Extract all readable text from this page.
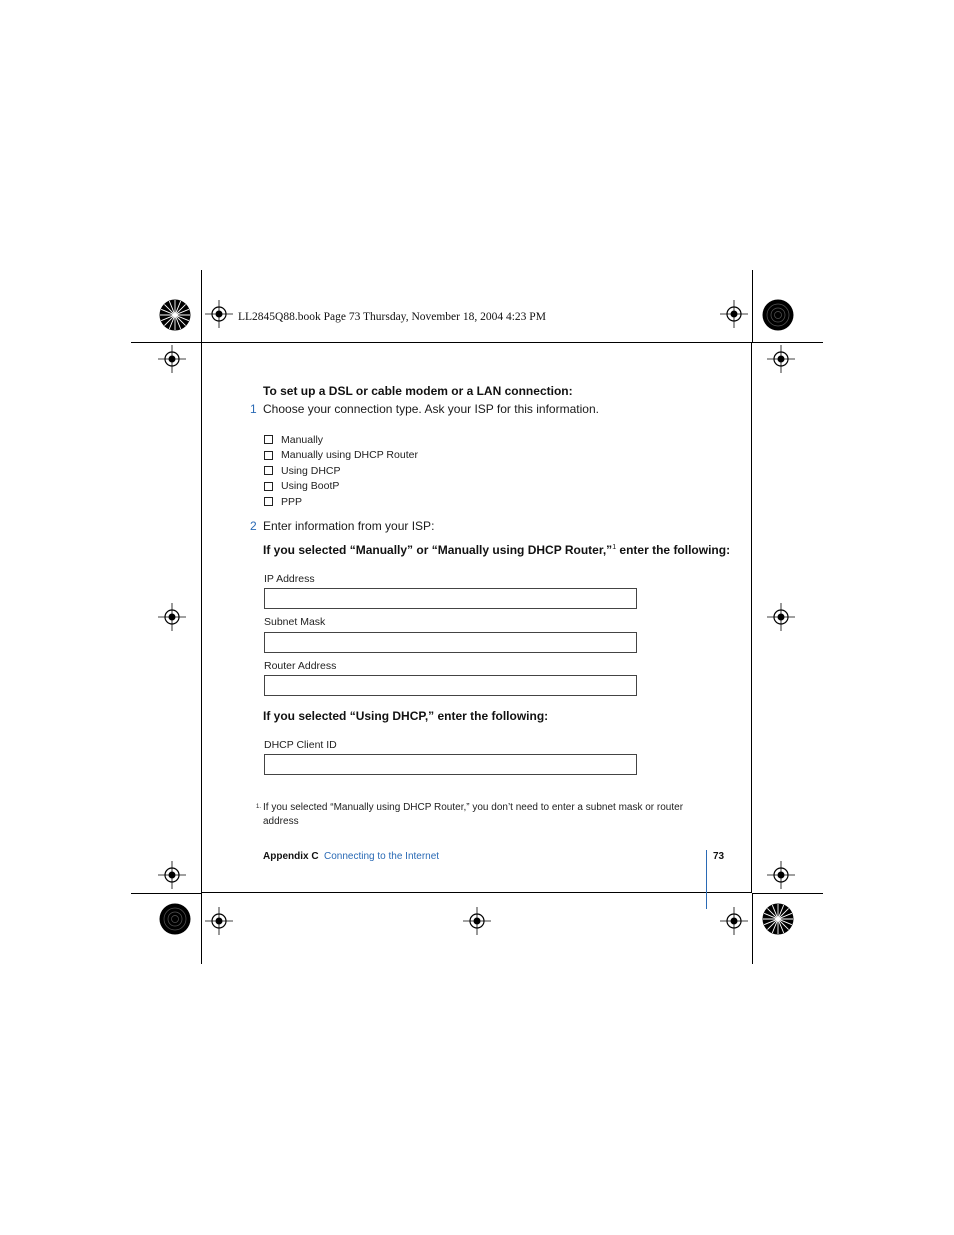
LL2845Q88.book Page 73 Thursday, November 18, 2004 4:23 PM
To set up a DSL or cable modem or a LAN connection:
1 Choose your connection type. Ask your ISP for this information.
Manually
Manually using DHCP Router
Using DHCP
Using BootP
PPP
2 Enter information from your ISP:
If you selected “Manually” or “Manually using DHCP Router,”$^1$ enter the following:
IP Address
Subnet Mask
Router Address
If you selected “Using DHCP,” enter the following:
DHCP Client ID
1. If you selected “Manually using DHCP Router,” you don’t need to enter a subnet mask or router address
Appendix C Connecting to the Internet	73
